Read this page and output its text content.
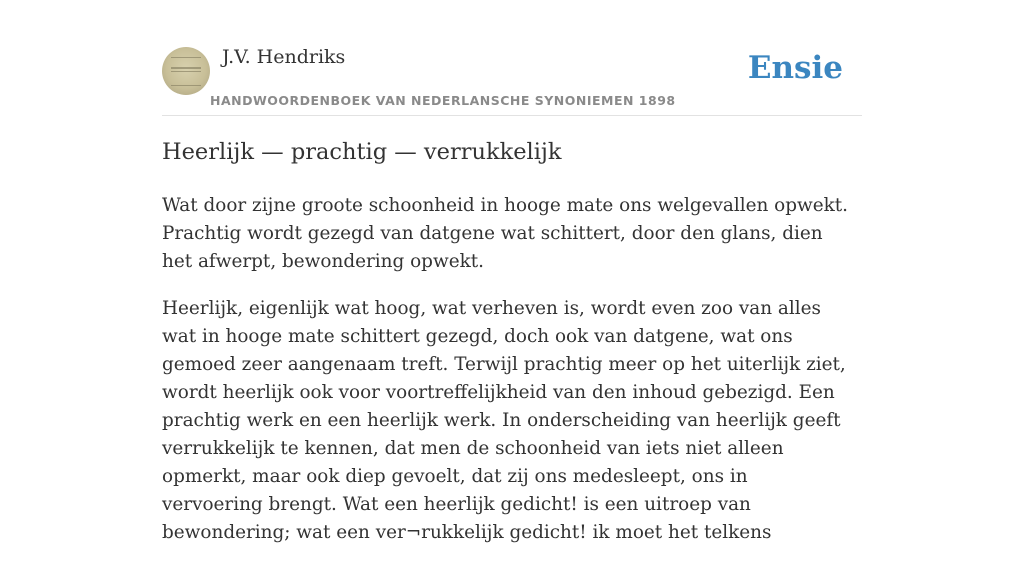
J.V. Hendriks
HANDWOORDENBOEK VAN NEDERLANSCHE SYNONIEMEN 1898
Ensie
Heerlijk — prachtig — verrukkelijk

Wat door zijne groote schoonheid in hooge mate ons welgevallen opwekt. Prachtig wordt gezegd van datgene wat schittert, door den glans, dien het afwerpt, bewondering opwekt.

Heerlijk, eigenlijk wat hoog, wat verheven is, wordt even zoo van alles wat in hooge mate schittert gezegd, doch ook van datgene, wat ons gemoed zeer aangenaam treft. Terwijl prachtig meer op het uiterlijk ziet, wordt heerlijk ook voor voortreffelijkheid van den inhoud gebezigd. Een prachtig werk en een heerlijk werk. In onderscheiding van heerlijk geeft verrukkelijk te kennen, dat men de schoonheid van iets niet alleen opmerkt, maar ook diep gevoelt, dat zij ons medesleept, ons in vervoering brengt. Wat een heerlijk gedicht! is een uitroep van bewondering; wat een ver¬rukkelijk gedicht! ik moet het telkens
